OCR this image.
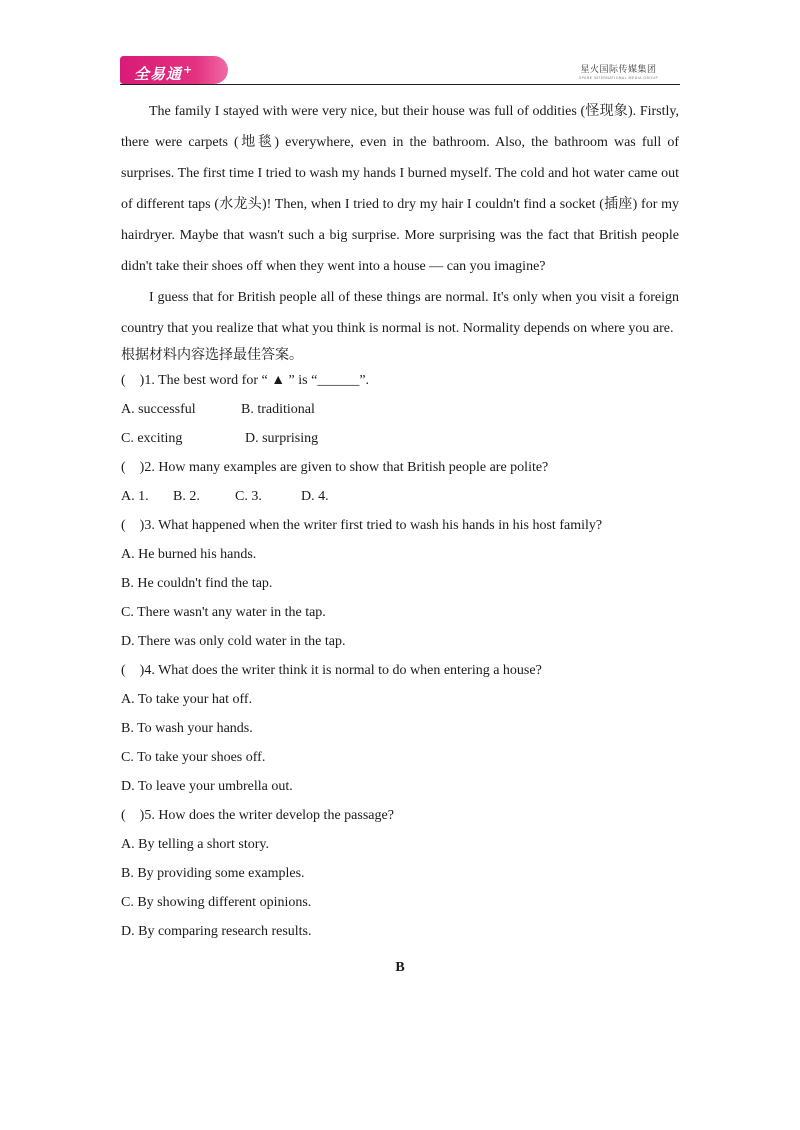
全易通+	星火国际传媒集团
SPARK INTERNATIONAL MEDIA GROUP

The family I stayed with were very nice, but their house was full of oddities (怪现象). Firstly, there were carpets (地毯) everywhere, even in the bathroom. Also, the bathroom was full of surprises. The first time I tried to wash my hands I burned myself. The cold and hot water came out of different taps (水龙头)! Then, when I tried to dry my hair I couldn't find a socket (插座) for my hairdryer. Maybe that wasn't such a big surprise. More surprising was the fact that British people didn't take their shoes off when they went into a house — can you imagine?

I guess that for British people all of these things are normal. It's only when you visit a foreign country that you realize that what you think is normal is not. Normality depends on where you are.

根据材料内容选择最佳答案。

(    )1. The best word for “ ▲ ” is “______”.

A. successful	B. traditional
C. exciting	D. surprising

(    )2. How many examples are given to show that British people are polite?

A. 1.	B. 2.	C. 3.	D. 4.

(    )3. What happened when the writer first tried to wash his hands in his host family?

A. He burned his hands.

B. He couldn't find the tap.

C. There wasn't any water in the tap.

D. There was only cold water in the tap.

(    )4. What does the writer think it is normal to do when entering a house?

A. To take your hat off.

B. To wash your hands.

C. To take your shoes off.

D. To leave your umbrella out.

(    )5. How does the writer develop the passage?

A. By telling a short story.

B. By providing some examples.

C. By showing different opinions.

D. By comparing research results.

B
